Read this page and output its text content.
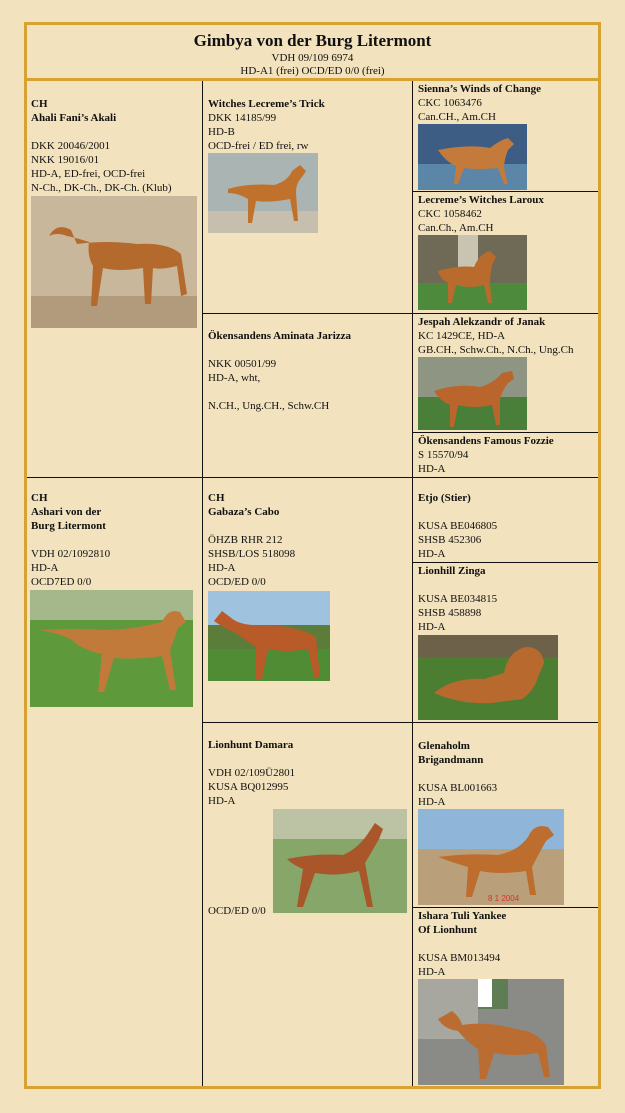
Gimbya von der Burg Litermont
VDH 09/109 6974
HD-A1 (frei) OCD/ED 0/0 (frei)
CH
Ahali Fani’s Akali
DKK 20046/2001
NKK 19016/01
HD-A, ED-frei, OCD-frei
N-Ch., DK-Ch., DK-Ch. (Klub)
Witches Lecreme’s Trick
DKK 14185/99
HD-B
OCD-frei / ED frei, rw
Sienna’s Winds of Change
CKC 1063476
Can.CH., Am.CH
Lecreme’s Witches Laroux
CKC 1058462
Can.Ch., Am.CH
Ökensandens Aminata Jarizza
NKK 00501/99
HD-A, wht,
N.CH., Ung.CH., Schw.CH
Jespah Alekzandr of Janak
KC 1429CE, HD-A
GB.CH., Schw.Ch., N.Ch., Ung.Ch
Ökensandens Famous Fozzie
S 15570/94
HD-A
CH
Ashari von der
Burg Litermont
VDH 02/1092810
HD-A
OCD7ED 0/0
CH
Gabaza’s Cabo
ÖHZB RHR 212
SHSB/LOS 518098
HD-A
OCD/ED 0/0
Etjo (Stier)
KUSA BE046805
SHSB 452306
HD-A
Lionhill Zinga
KUSA BE034815
SHSB 458898
HD-A
Lionhunt Damara
VDH 02/109Ü2801
KUSA BQ012995
HD-A
OCD/ED 0/0
Glenaholm
Brigandmann
KUSA BL001663
HD-A
8 1 2004
Ishara Tuli Yankee
Of Lionhunt
KUSA BM013494
HD-A
